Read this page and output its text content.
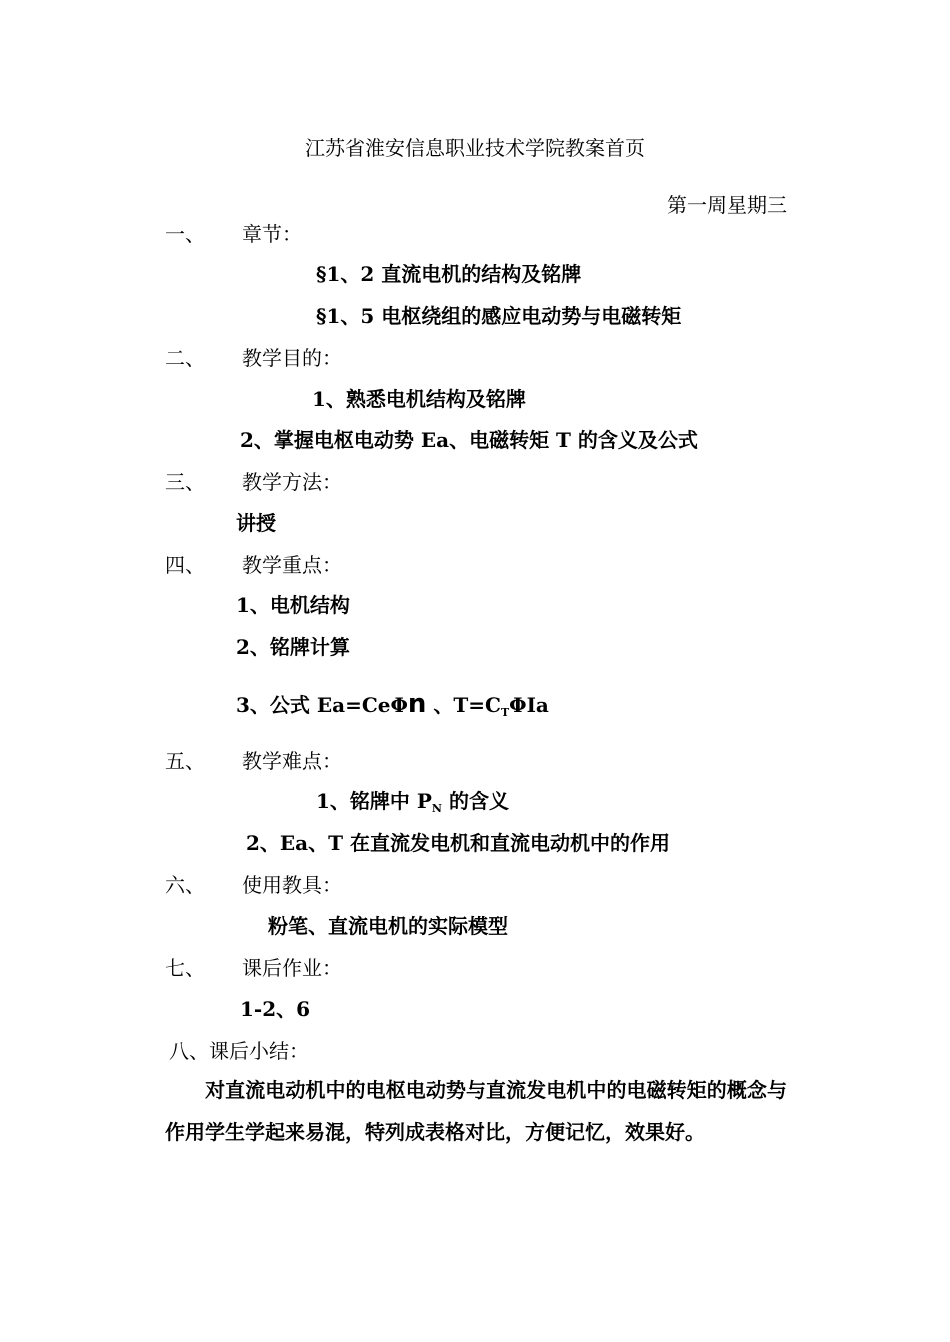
江苏省淮安信息职业技术学院教案首页
第一周星期三
一、 章节：
§1、2 直流电机的结构及铭牌
§1、5 电枢绕组的感应电动势与电磁转矩
二、 教学目的：
1、熟悉电机结构及铭牌
2、掌握电枢电动势 Ea、电磁转矩 T 的含义及公式
三、 教学方法：
讲授
四、 教学重点：
1、电机结构
2、铭牌计算
3、公式 Ea=CeΦn 、$T=C_T\Phi Ia$
五、 教学难点：
1、铭牌中 $P_N$ 的含义
2、Ea、T 在直流发电机和直流电动机中的作用
六、 使用教具：
粉笔、直流电机的实际模型
七、 课后作业：
1-2、6
八、课后小结：
对直流电动机中的电枢电动势与直流发电机中的电磁转矩的概念与作用学生学起来易混，特列成表格对比，方便记忆，效果好。
